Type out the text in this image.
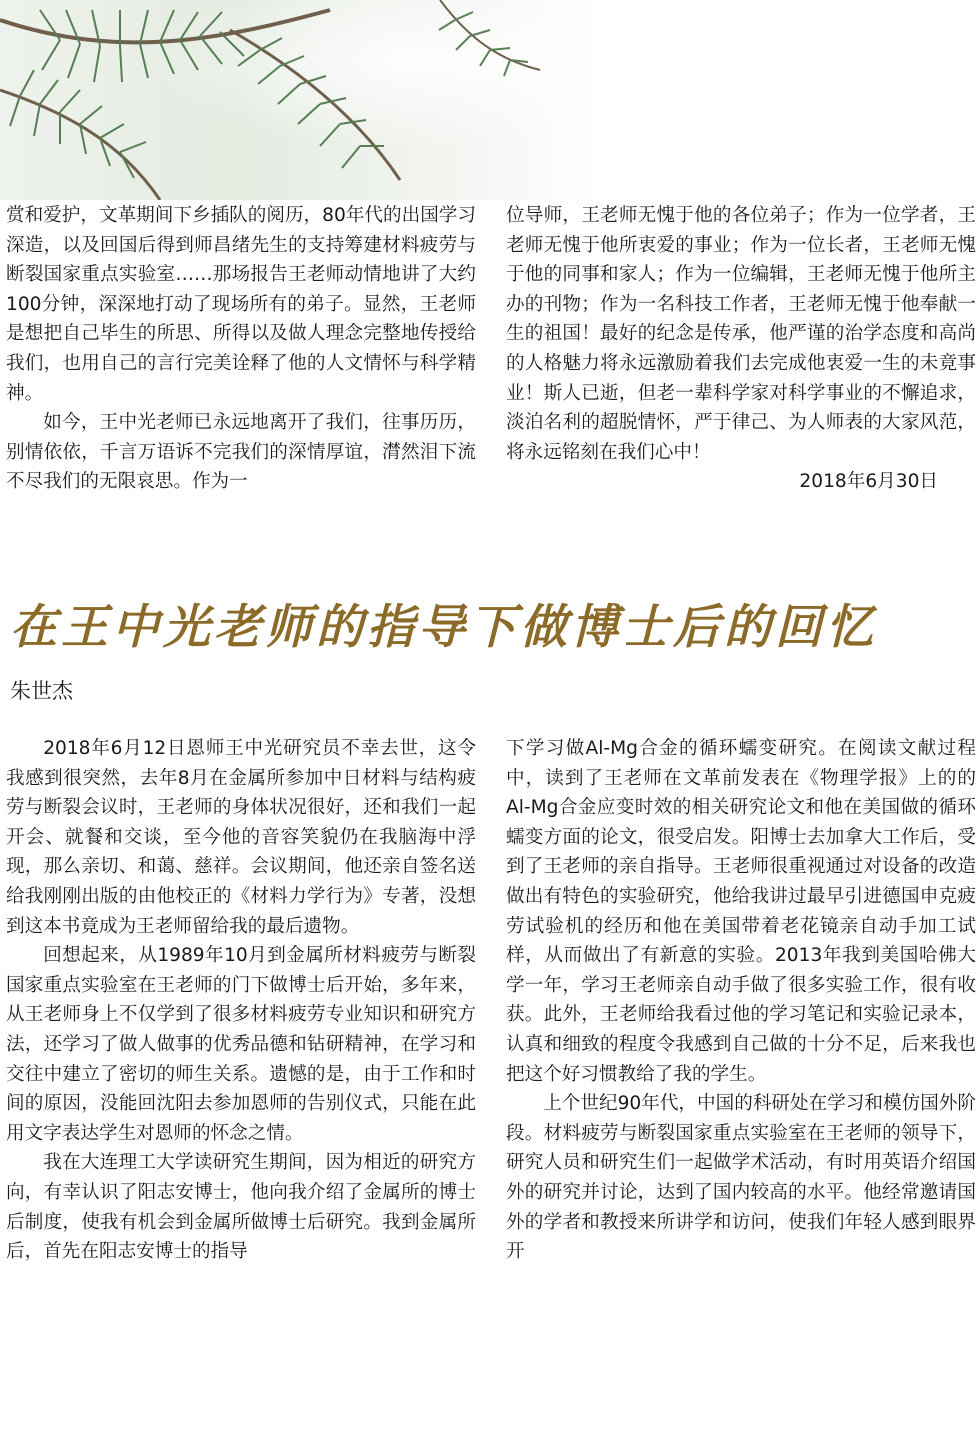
赏和爱护，文革期间下乡插队的阅历，80年代的出国学习深造，以及回国后得到师昌绪先生的支持筹建材料疲劳与断裂国家重点实验室……那场报告王老师动情地讲了大约100分钟，深深地打动了现场所有的弟子。显然，王老师是想把自己毕生的所思、所得以及做人理念完整地传授给我们，也用自己的言行完美诠释了他的人文情怀与科学精神。

如今，王中光老师已永远地离开了我们，往事历历，别情依依，千言万语诉不完我们的深情厚谊，潸然泪下流不尽我们的无限哀思。作为一

位导师，王老师无愧于他的各位弟子；作为一位学者，王老师无愧于他所衷爱的事业；作为一位长者，王老师无愧于他的同事和家人；作为一位编辑，王老师无愧于他所主办的刊物；作为一名科技工作者，王老师无愧于他奉献一生的祖国！最好的纪念是传承，他严谨的治学态度和高尚的人格魅力将永远激励着我们去完成他衷爱一生的未竟事业！斯人已逝，但老一辈科学家对科学事业的不懈追求，淡泊名利的超脱情怀，严于律己、为人师表的大家风范，将永远铭刻在我们心中！

2018年6月30日
在王中光老师的指导下做博士后的回忆
朱世杰

2018年6月12日恩师王中光研究员不幸去世，这令我感到很突然，去年8月在金属所参加中日材料与结构疲劳与断裂会议时，王老师的身体状况很好，还和我们一起开会、就餐和交谈，至今他的音容笑貌仍在我脑海中浮现，那么亲切、和蔼、慈祥。会议期间，他还亲自签名送给我刚刚出版的由他校正的《材料力学行为》专著，没想到这本书竟成为王老师留给我的最后遗物。

回想起来，从1989年10月到金属所材料疲劳与断裂国家重点实验室在王老师的门下做博士后开始，多年来，从王老师身上不仅学到了很多材料疲劳专业知识和研究方法，还学习了做人做事的优秀品德和钻研精神，在学习和交往中建立了密切的师生关系。遗憾的是，由于工作和时间的原因，没能回沈阳去参加恩师的告别仪式，只能在此用文字表达学生对恩师的怀念之情。

我在大连理工大学读研究生期间，因为相近的研究方向，有幸认识了阳志安博士，他向我介绍了金属所的博士后制度，使我有机会到金属所做博士后研究。我到金属所后，首先在阳志安博士的指导

下学习做Al-Mg合金的循环蠕变研究。在阅读文献过程中，读到了王老师在文革前发表在《物理学报》上的的Al-Mg合金应变时效的相关研究论文和他在美国做的循环蠕变方面的论文，很受启发。阳博士去加拿大工作后，受到了王老师的亲自指导。王老师很重视通过对设备的改造做出有特色的实验研究，他给我讲过最早引进德国申克疲劳试验机的经历和他在美国带着老花镜亲自动手加工试样，从而做出了有新意的实验。2013年我到美国哈佛大学一年，学习王老师亲自动手做了很多实验工作，很有收获。此外，王老师给我看过他的学习笔记和实验记录本，认真和细致的程度令我感到自己做的十分不足，后来我也把这个好习惯教给了我的学生。

上个世纪90年代，中国的科研处在学习和模仿国外阶段。材料疲劳与断裂国家重点实验室在王老师的领导下，研究人员和研究生们一起做学术活动，有时用英语介绍国外的研究并讨论，达到了国内较高的水平。他经常邀请国外的学者和教授来所讲学和访问，使我们年轻人感到眼界开
